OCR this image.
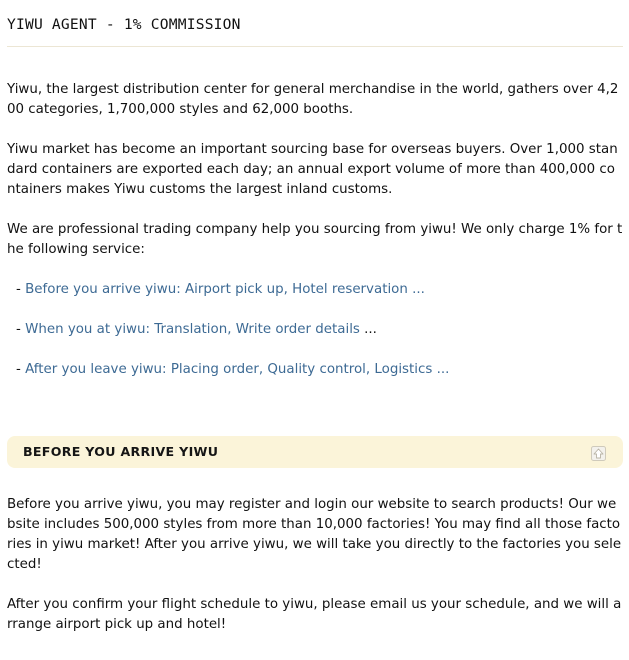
YIWU AGENT - 1% COMMISSION

Yiwu, the largest distribution center for general merchandise in the world, gathers over 4,200 categories, 1,700,000 styles and 62,000 booths.

Yiwu market has become an important sourcing base for overseas buyers. Over 1,000 standard containers are exported each day; an annual export volume of more than 400,000 containers makes Yiwu customs the largest inland customs.

We are professional trading company help you sourcing from yiwu! We only charge 1% for the following service:

- Before you arrive yiwu: Airport pick up, Hotel reservation ...
- When you at yiwu: Translation, Write order details ...
- After you leave yiwu: Placing order, Quality control, Logistics ...
BEFORE YOU ARRIVE YIWU

Before you arrive yiwu, you may register and login our website to search products! Our website includes 500,000 styles from more than 10,000 factories! You may find all those factories in yiwu market! After you arrive yiwu, we will take you directly to the factories you selected!

After you confirm your flight schedule to yiwu, please email us your schedule, and we will arrange airport pick up and hotel!
